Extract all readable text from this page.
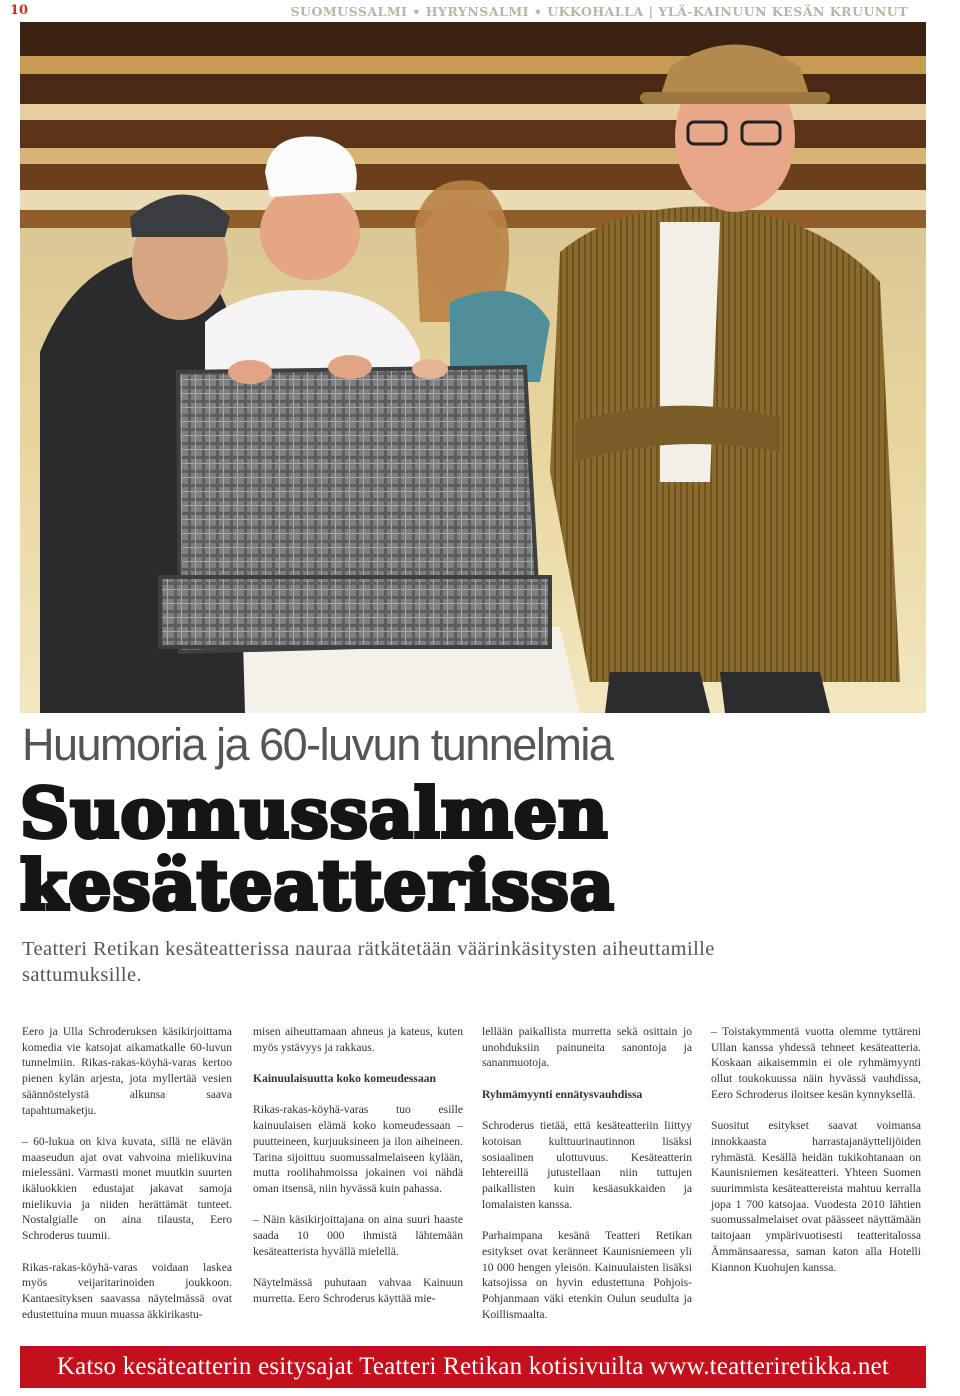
10	SUOMUSSALMI • HYRYNSALMI • UKKOHALLA | YLÄ-KAINUUN KESÄN KRUUNUT
Huumoria ja 60-luvun tunnelmia
Suomussalmen
kesäteatterissa

Teatteri Retikan kesäteatterissa nauraa rätkätetään väärinkäsitysten aiheuttamille sattumuksille.

Eero ja Ulla Schroderuksen käsikirjoittama komedia vie katsojat aikamatkalle 60-luvun tunnelmiin. Rikas-rakas-köyhä-varas kertoo pienen kylän arjesta, jota myllertää vesien säännöstelystä alkunsa saava tapahtumaketju.

– 60-lukua on kiva kuvata, sillä ne elävän maaseudun ajat ovat vahvoina mielikuvina mielessäni. Varmasti monet muutkin suurten ikäluokkien edustajat jakavat samoja mielikuvia ja niiden herättämät tunteet. Nostalgialle on aina tilausta, Eero Schroderus tuumii.

Rikas-rakas-köyhä-varas voidaan laskea myös veijaritarinoiden joukkoon. Kantaesityksen saavassa näytelmässä ovat edustettuina muun muassa äkkirikastu-

misen aiheuttamaan ahneus ja kateus, kuten myös ystävyys ja rakkaus.

Kainuulaisuutta koko komeudessaan

Rikas-rakas-köyhä-varas tuo esille kainuulaisen elämä koko komeudessaan – puutteineen, kurjuuksineen ja ilon aiheineen. Tarina sijoittuu suomussalmelaiseen kylään, mutta roolihahmoissa jokainen voi nähdä oman itsensä, niin hyvässä kuin pahassa.

– Näin käsikirjoittajana on aina suuri haaste saada 10 000 ihmistä lähtemään kesäteatterista hyvällä mielellä.

Näytelmässä puhutaan vahvaa Kainuun murretta. Eero Schroderus käyttää mie-

lellään paikallista murretta sekä osittain jo unohduksiin painuneita sanontoja ja sananmuotoja.

Ryhmämyynti ennätysvauhdissa

Schroderus tietää, että kesäteatteriin liittyy kotoisan kulttuurinautinnon lisäksi sosiaalinen ulottuvuus. Kesäteatterin lehtereillä jutustellaan niin tuttujen paikallisten kuin kesäasukkaiden ja lomalaisten kanssa.

Parhaimpana kesänä Teatteri Retikan esitykset ovat keränneet Kaunisniemeen yli 10 000 hengen yleisön. Kainuulaisten lisäksi katsojissa on hyvin edustettuna Pohjois-Pohjanmaan väki etenkin Oulun seudulta ja Koillismaalta.

– Toistakymmentä vuotta olemme tyttäreni Ullan kanssa yhdessä tehneet kesäteatteria. Koskaan aikaisemmin ei ole ryhmämyynti ollut toukokuussa näin hyvässä vauhdissa, Eero Schroderus iloitsee kesän kynnyksellä.

Suositut esitykset saavat voimansa innokkaasta harrastajanäyttelijöiden ryhmästä. Kesällä heidän tukikohtanaan on Kaunisniemen kesäteatteri. Yhteen Suomen suurimmista kesäteattereista mahtuu kerralla jopa 1 700 katsojaa. Vuodesta 2010 lähtien suomussalmelaiset ovat päässeet näyttämään taitojaan ympärivuotisesti teatteritalossa Ämmänsaaressa, saman katon alla Hotelli Kiannon Kuohujen kanssa.

Katso kesäteatterin esitysajat Teatteri Retikan kotisivuilta www.teatteriretikka.net
